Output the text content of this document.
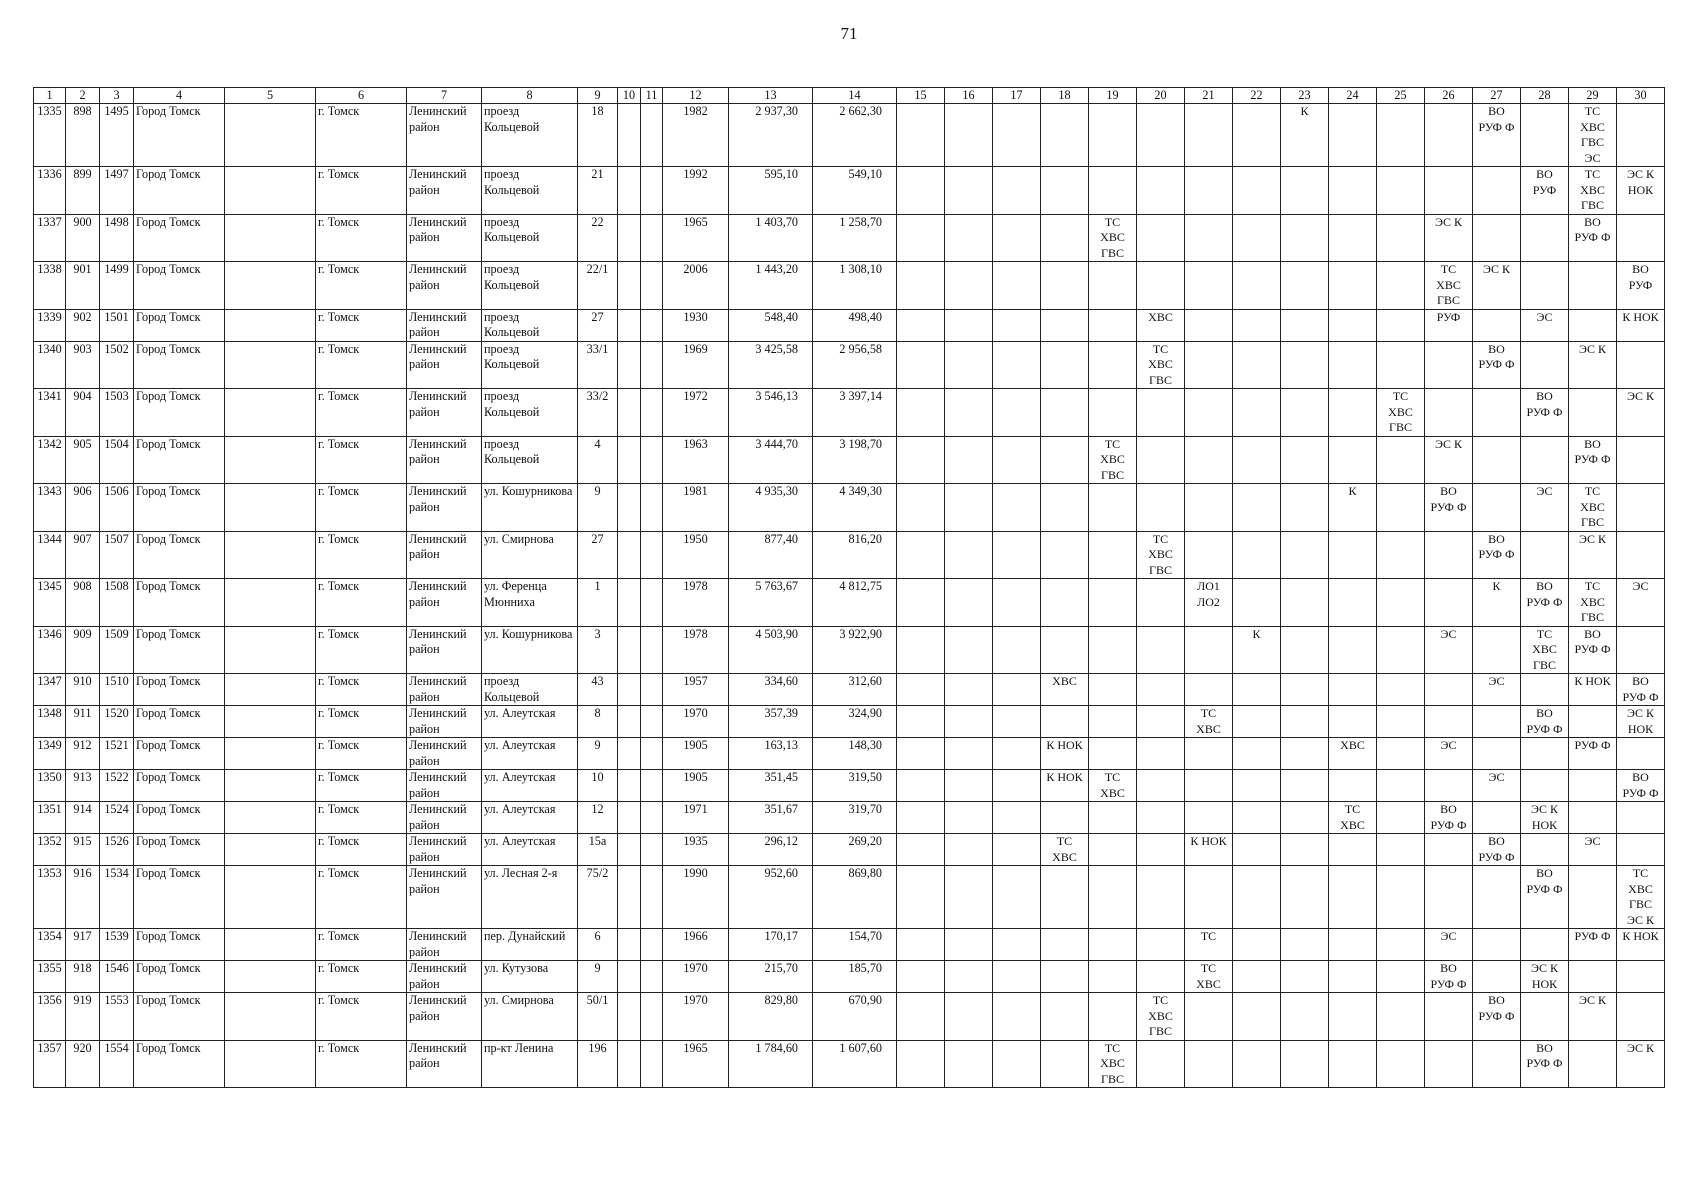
71
1	2	3	4	5	6	7	8	9	10	11	12	13	14	15	16	17	18	19	20	21	22	23	24	25	26	27	28	29	30
1335	898	1495	Город Томск		г. Томск	Ленинский район	проезд Кольцевой	18			1982	2 937,30	2 662,30									К				ВО
РУФ Ф		ТС
ХВС
ГВС
ЭС	
1336	899	1497	Город Томск		г. Томск	Ленинский район	проезд Кольцевой	21			1992	595,10	549,10														ВО
РУФ	ТС
ХВС
ГВС	ЭС К
НОК
1337	900	1498	Город Томск		г. Томск	Ленинский район	проезд Кольцевой	22			1965	1 403,70	1 258,70					ТС
ХВС
ГВС							ЭС К			ВО
РУФ Ф	
1338	901	1499	Город Томск		г. Томск	Ленинский район	проезд Кольцевой	22/1			2006	1 443,20	1 308,10												ТС
ХВС
ГВС	ЭС К			ВО
РУФ
1339	902	1501	Город Томск		г. Томск	Ленинский район	проезд Кольцевой	27			1930	548,40	498,40						ХВС						РУФ		ЭС		К НОК
1340	903	1502	Город Томск		г. Томск	Ленинский район	проезд Кольцевой	33/1			1969	3 425,58	2 956,58						ТС
ХВС
ГВС							ВО
РУФ Ф		ЭС К	
1341	904	1503	Город Томск		г. Томск	Ленинский район	проезд Кольцевой	33/2			1972	3 546,13	3 397,14											ТС
ХВС
ГВС			ВО
РУФ Ф		ЭС К
1342	905	1504	Город Томск		г. Томск	Ленинский район	проезд Кольцевой	4			1963	3 444,70	3 198,70					ТС
ХВС
ГВС							ЭС К			ВО
РУФ Ф	
1343	906	1506	Город Томск		г. Томск	Ленинский район	ул. Кошурникова	9			1981	4 935,30	4 349,30										К		ВО
РУФ Ф		ЭС	ТС
ХВС
ГВС	
1344	907	1507	Город Томск		г. Томск	Ленинский район	ул. Смирнова	27			1950	877,40	816,20						ТС
ХВС
ГВС							ВО
РУФ Ф		ЭС К	
1345	908	1508	Город Томск		г. Томск	Ленинский район	ул. Ференца Мюнниха	1			1978	5 763,67	4 812,75							ЛО1
ЛО2						К	ВО
РУФ Ф	ТС
ХВС
ГВС	ЭС
1346	909	1509	Город Томск		г. Томск	Ленинский район	ул. Кошурникова	3			1978	4 503,90	3 922,90								К				ЭС		ТС
ХВС
ГВС	ВО
РУФ Ф	
1347	910	1510	Город Томск		г. Томск	Ленинский район	проезд Кольцевой	43			1957	334,60	312,60				ХВС									ЭС		К НОК	ВО
РУФ Ф
1348	911	1520	Город Томск		г. Томск	Ленинский район	ул. Алеутская	8			1970	357,39	324,90							ТС
ХВС							ВО
РУФ Ф		ЭС К
НОК
1349	912	1521	Город Томск		г. Томск	Ленинский район	ул. Алеутская	9			1905	163,13	148,30				К НОК						ХВС		ЭС			РУФ Ф	
1350	913	1522	Город Томск		г. Томск	Ленинский район	ул. Алеутская	10			1905	351,45	319,50				К НОК	ТС
ХВС								ЭС			ВО
РУФ Ф
1351	914	1524	Город Томск		г. Томск	Ленинский район	ул. Алеутская	12			1971	351,67	319,70										ТС
ХВС		ВО
РУФ Ф		ЭС К
НОК		
1352	915	1526	Город Томск		г. Томск	Ленинский район	ул. Алеутская	15а			1935	296,12	269,20				ТС
ХВС			К НОК						ВО
РУФ Ф		ЭС	
1353	916	1534	Город Томск		г. Томск	Ленинский район	ул. Лесная 2-я	75/2			1990	952,60	869,80														ВО
РУФ Ф		ТС
ХВС
ГВС
ЭС К
1354	917	1539	Город Томск		г. Томск	Ленинский район	пер. Дунайский	6			1966	170,17	154,70							ТС					ЭС			РУФ Ф	К НОК
1355	918	1546	Город Томск		г. Томск	Ленинский район	ул. Кутузова	9			1970	215,70	185,70							ТС
ХВС					ВО
РУФ Ф		ЭС К
НОК		
1356	919	1553	Город Томск		г. Томск	Ленинский район	ул. Смирнова	50/1			1970	829,80	670,90						ТС
ХВС
ГВС							ВО
РУФ Ф		ЭС К	
1357	920	1554	Город Томск		г. Томск	Ленинский район	пр-кт Ленина	196			1965	1 784,60	1 607,60					ТС
ХВС
ГВС									ВО
РУФ Ф		ЭС К
